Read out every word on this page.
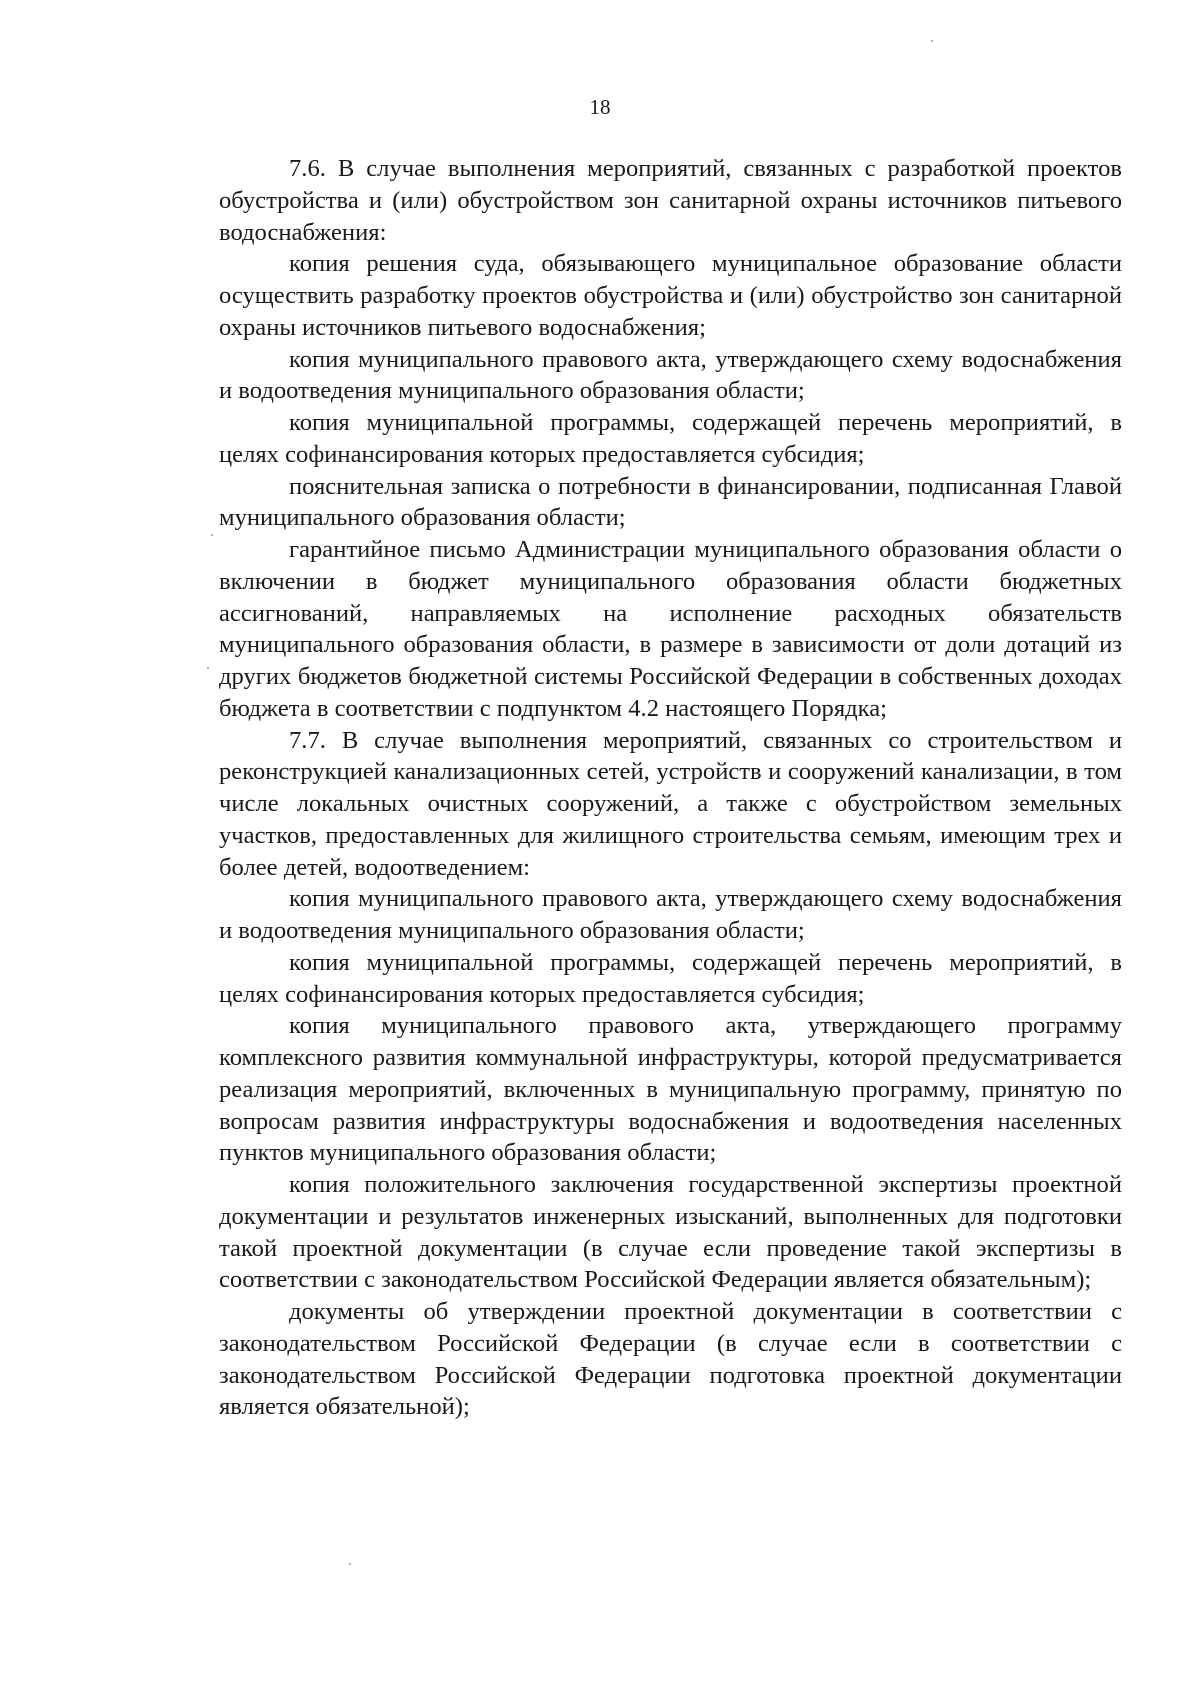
18

7.6. В случае выполнения мероприятий, связанных с разработкой проектов обустройства и (или) обустройством зон санитарной охраны источников питьевого водоснабжения:

копия решения суда, обязывающего муниципальное образование области осуществить разработку проектов обустройства и (или) обустройство зон санитарной охраны источников питьевого водоснабжения;

копия муниципального правового акта, утверждающего схему водоснабжения и водоотведения муниципального образования области;

копия муниципальной программы, содержащей перечень мероприятий, в целях софинансирования которых предоставляется субсидия;

пояснительная записка о потребности в финансировании, подписанная Главой муниципального образования области;

гарантийное письмо Администрации муниципального образования области о включении в бюджет муниципального образования области бюджетных ассигнований, направляемых на исполнение расходных обязательств муниципального образования области, в размере в зависимости от доли дотаций из других бюджетов бюджетной системы Российской Федерации в собственных доходах бюджета в соответствии с подпунктом 4.2 настоящего Порядка;

7.7. В случае выполнения мероприятий, связанных со строительством и реконструкцией канализационных сетей, устройств и сооружений канализации, в том числе локальных очистных сооружений, а также с обустройством земельных участков, предоставленных для жилищного строительства семьям, имеющим трех и более детей, водоотведением:

копия муниципального правового акта, утверждающего схему водоснабжения и водоотведения муниципального образования области;

копия муниципальной программы, содержащей перечень мероприятий, в целях софинансирования которых предоставляется субсидия;

копия муниципального правового акта, утверждающего программу комплексного развития коммунальной инфраструктуры, которой предусматривается реализация мероприятий, включенных в муниципальную программу, принятую по вопросам развития инфраструктуры водоснабжения и водоотведения населенных пунктов муниципального образования области;

копия положительного заключения государственной экспертизы проектной документации и результатов инженерных изысканий, выполненных для подготовки такой проектной документации (в случае если проведение такой экспертизы в соответствии с законодательством Российской Федерации является обязательным);

документы об утверждении проектной документации в соответствии с законодательством Российской Федерации (в случае если в соответствии с законодательством Российской Федерации подготовка проектной документации является обязательной);
